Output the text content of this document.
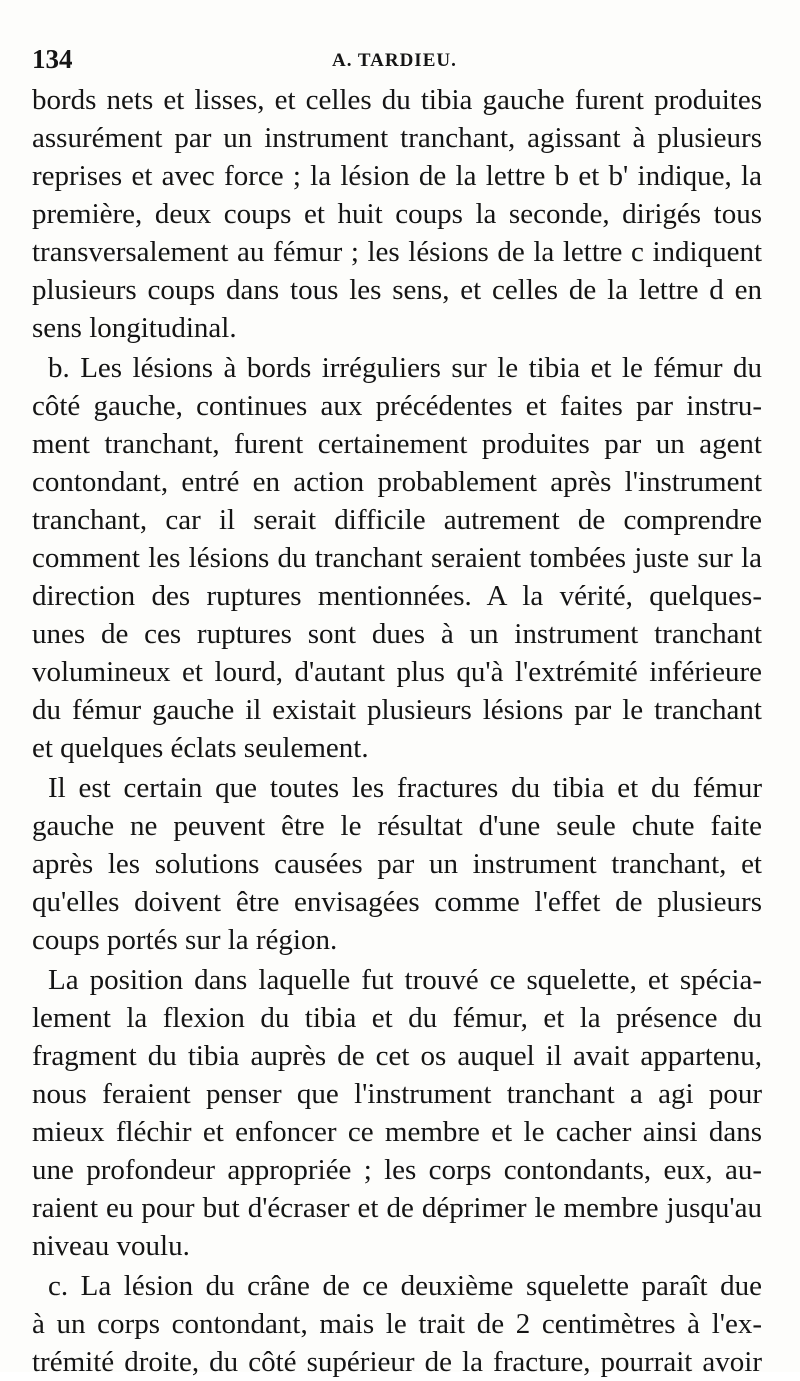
134	A. TARDIEU.
bords nets et lisses, et celles du tibia gauche furent produites
assurément par un instrument tranchant, agissant à plusieurs
reprises et avec force ; la lésion de la lettre b et b' indique, la
première, deux coups et huit coups la seconde, dirigés tous
transversalement au fémur ; les lésions de la lettre c indiquent
plusieurs coups dans tous les sens, et celles de la lettre d en
sens longitudinal.
b. Les lésions à bords irréguliers sur le tibia et le fémur du
côté gauche, continues aux précédentes et faites par instru-
ment tranchant, furent certainement produites par un agent
contondant, entré en action probablement après l'instrument
tranchant, car il serait difficile autrement de comprendre
comment les lésions du tranchant seraient tombées juste sur la
direction des ruptures mentionnées. A la vérité, quelques-
unes de ces ruptures sont dues à un instrument tranchant
volumineux et lourd, d'autant plus qu'à l'extrémité inférieure
du fémur gauche il existait plusieurs lésions par le tranchant
et quelques éclats seulement.
Il est certain que toutes les fractures du tibia et du fémur
gauche ne peuvent être le résultat d'une seule chute faite
après les solutions causées par un instrument tranchant, et
qu'elles doivent être envisagées comme l'effet de plusieurs
coups portés sur la région.
La position dans laquelle fut trouvé ce squelette, et spécia-
lement la flexion du tibia et du fémur, et la présence du
fragment du tibia auprès de cet os auquel il avait appartenu,
nous feraient penser que l'instrument tranchant a agi pour
mieux fléchir et enfoncer ce membre et le cacher ainsi dans
une profondeur appropriée ; les corps contondants, eux, au-
raient eu pour but d'écraser et de déprimer le membre jusqu'au
niveau voulu.
c. La lésion du crâne de ce deuxième squelette paraît due
à un corps contondant, mais le trait de 2 centimètres à l'ex-
trémité droite, du côté supérieur de la fracture, pourrait avoir
